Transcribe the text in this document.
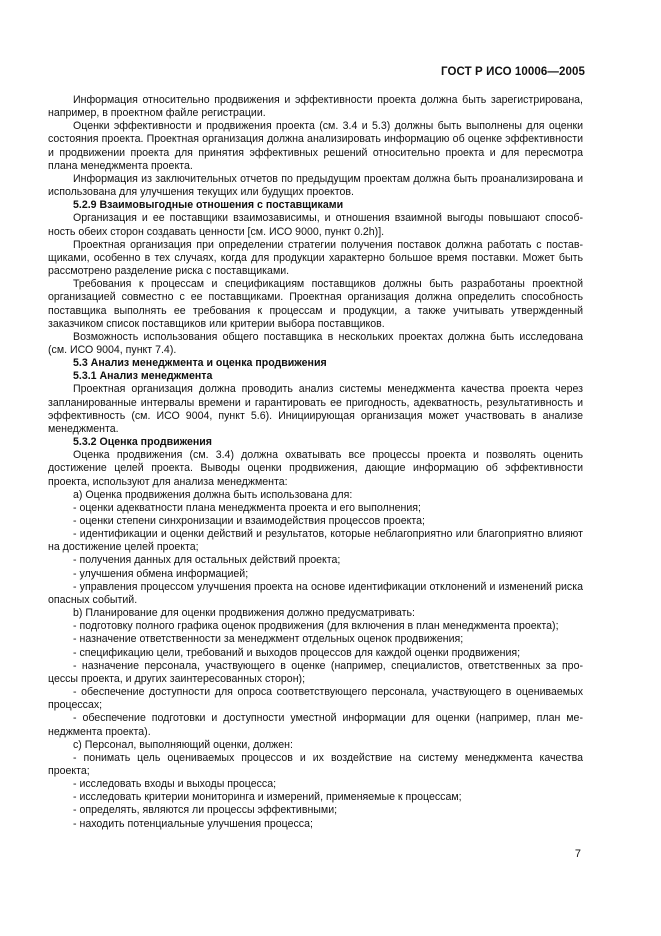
ГОСТ Р ИСО 10006—2005

Информация относительно продвижения и эффективности проекта должна быть зарегистрирована, например, в проектном файле регистрации.

Оценки эффективности и продвижения проекта (см. 3.4 и 5.3) должны быть выполнены для оценки состояния проекта. Проектная организация должна анализировать информацию об оценке эффективности и продвижении проекта для принятия эффективных решений относительно проекта и для пересмотра плана менеджмента проекта.

Информация из заключительных отчетов по предыдущим проектам должна быть проанализирована и использована для улучшения текущих или будущих проектов.

5.2.9 Взаимовыгодные отношения с поставщиками

Организация и ее поставщики взаимозависимы, и отношения взаимной выгоды повышают способность обеих сторон создавать ценности [см. ИСО 9000, пункт 0.2h)].

Проектная организация при определении стратегии получения поставок должна работать с поставщиками, особенно в тех случаях, когда для продукции характерно большое время поставки. Может быть рассмотрено разделение риска с поставщиками.

Требования к процессам и спецификациям поставщиков должны быть разработаны проектной организацией совместно с ее поставщиками. Проектная организация должна определить способность поставщика выполнять ее требования к процессам и продукции, а также учитывать утвержденный заказчиком список поставщиков или критерии выбора поставщиков.

Возможность использования общего поставщика в нескольких проектах должна быть исследована (см. ИСО 9004, пункт 7.4).

5.3 Анализ менеджмента и оценка продвижения

5.3.1 Анализ менеджмента

Проектная организация должна проводить анализ системы менеджмента качества проекта через запланированные интервалы времени и гарантировать ее пригодность, адекватность, результативность и эффективность (см. ИСО 9004, пункт 5.6). Инициирующая организация может участвовать в анализе менеджмента.

5.3.2 Оценка продвижения

Оценка продвижения (см. 3.4) должна охватывать все процессы проекта и позволять оценить достижение целей проекта. Выводы оценки продвижения, дающие информацию об эффективности проекта, используют для анализа менеджмента:

a) Оценка продвижения должна быть использована для:

- оценки адекватности плана менеджмента проекта и его выполнения;

- оценки степени синхронизации и взаимодействия процессов проекта;

- идентификации и оценки действий и результатов, которые неблагоприятно или благоприятно влияют на достижение целей проекта;

- получения данных для остальных действий проекта;

- улучшения обмена информацией;

- управления процессом улучшения проекта на основе идентификации отклонений и изменений риска опасных событий.

b) Планирование для оценки продвижения должно предусматривать:

- подготовку полного графика оценок продвижения (для включения в план менеджмента проекта);

- назначение ответственности за менеджмент отдельных оценок продвижения;

- спецификацию цели, требований и выходов процессов для каждой оценки продвижения;

- назначение персонала, участвующего в оценке (например, специалистов, ответственных за процессы проекта, и других заинтересованных сторон);

- обеспечение доступности для опроса соответствующего персонала, участвующего в оцениваемых процессах;

- обеспечение подготовки и доступности уместной информации для оценки (например, план менеджмента проекта).

c) Персонал, выполняющий оценки, должен:

- понимать цель оцениваемых процессов и их воздействие на систему менеджмента качества проекта;

- исследовать входы и выходы процесса;

- исследовать критерии мониторинга и измерений, применяемые к процессам;

- определять, являются ли процессы эффективными;

- находить потенциальные улучшения процесса;

7
